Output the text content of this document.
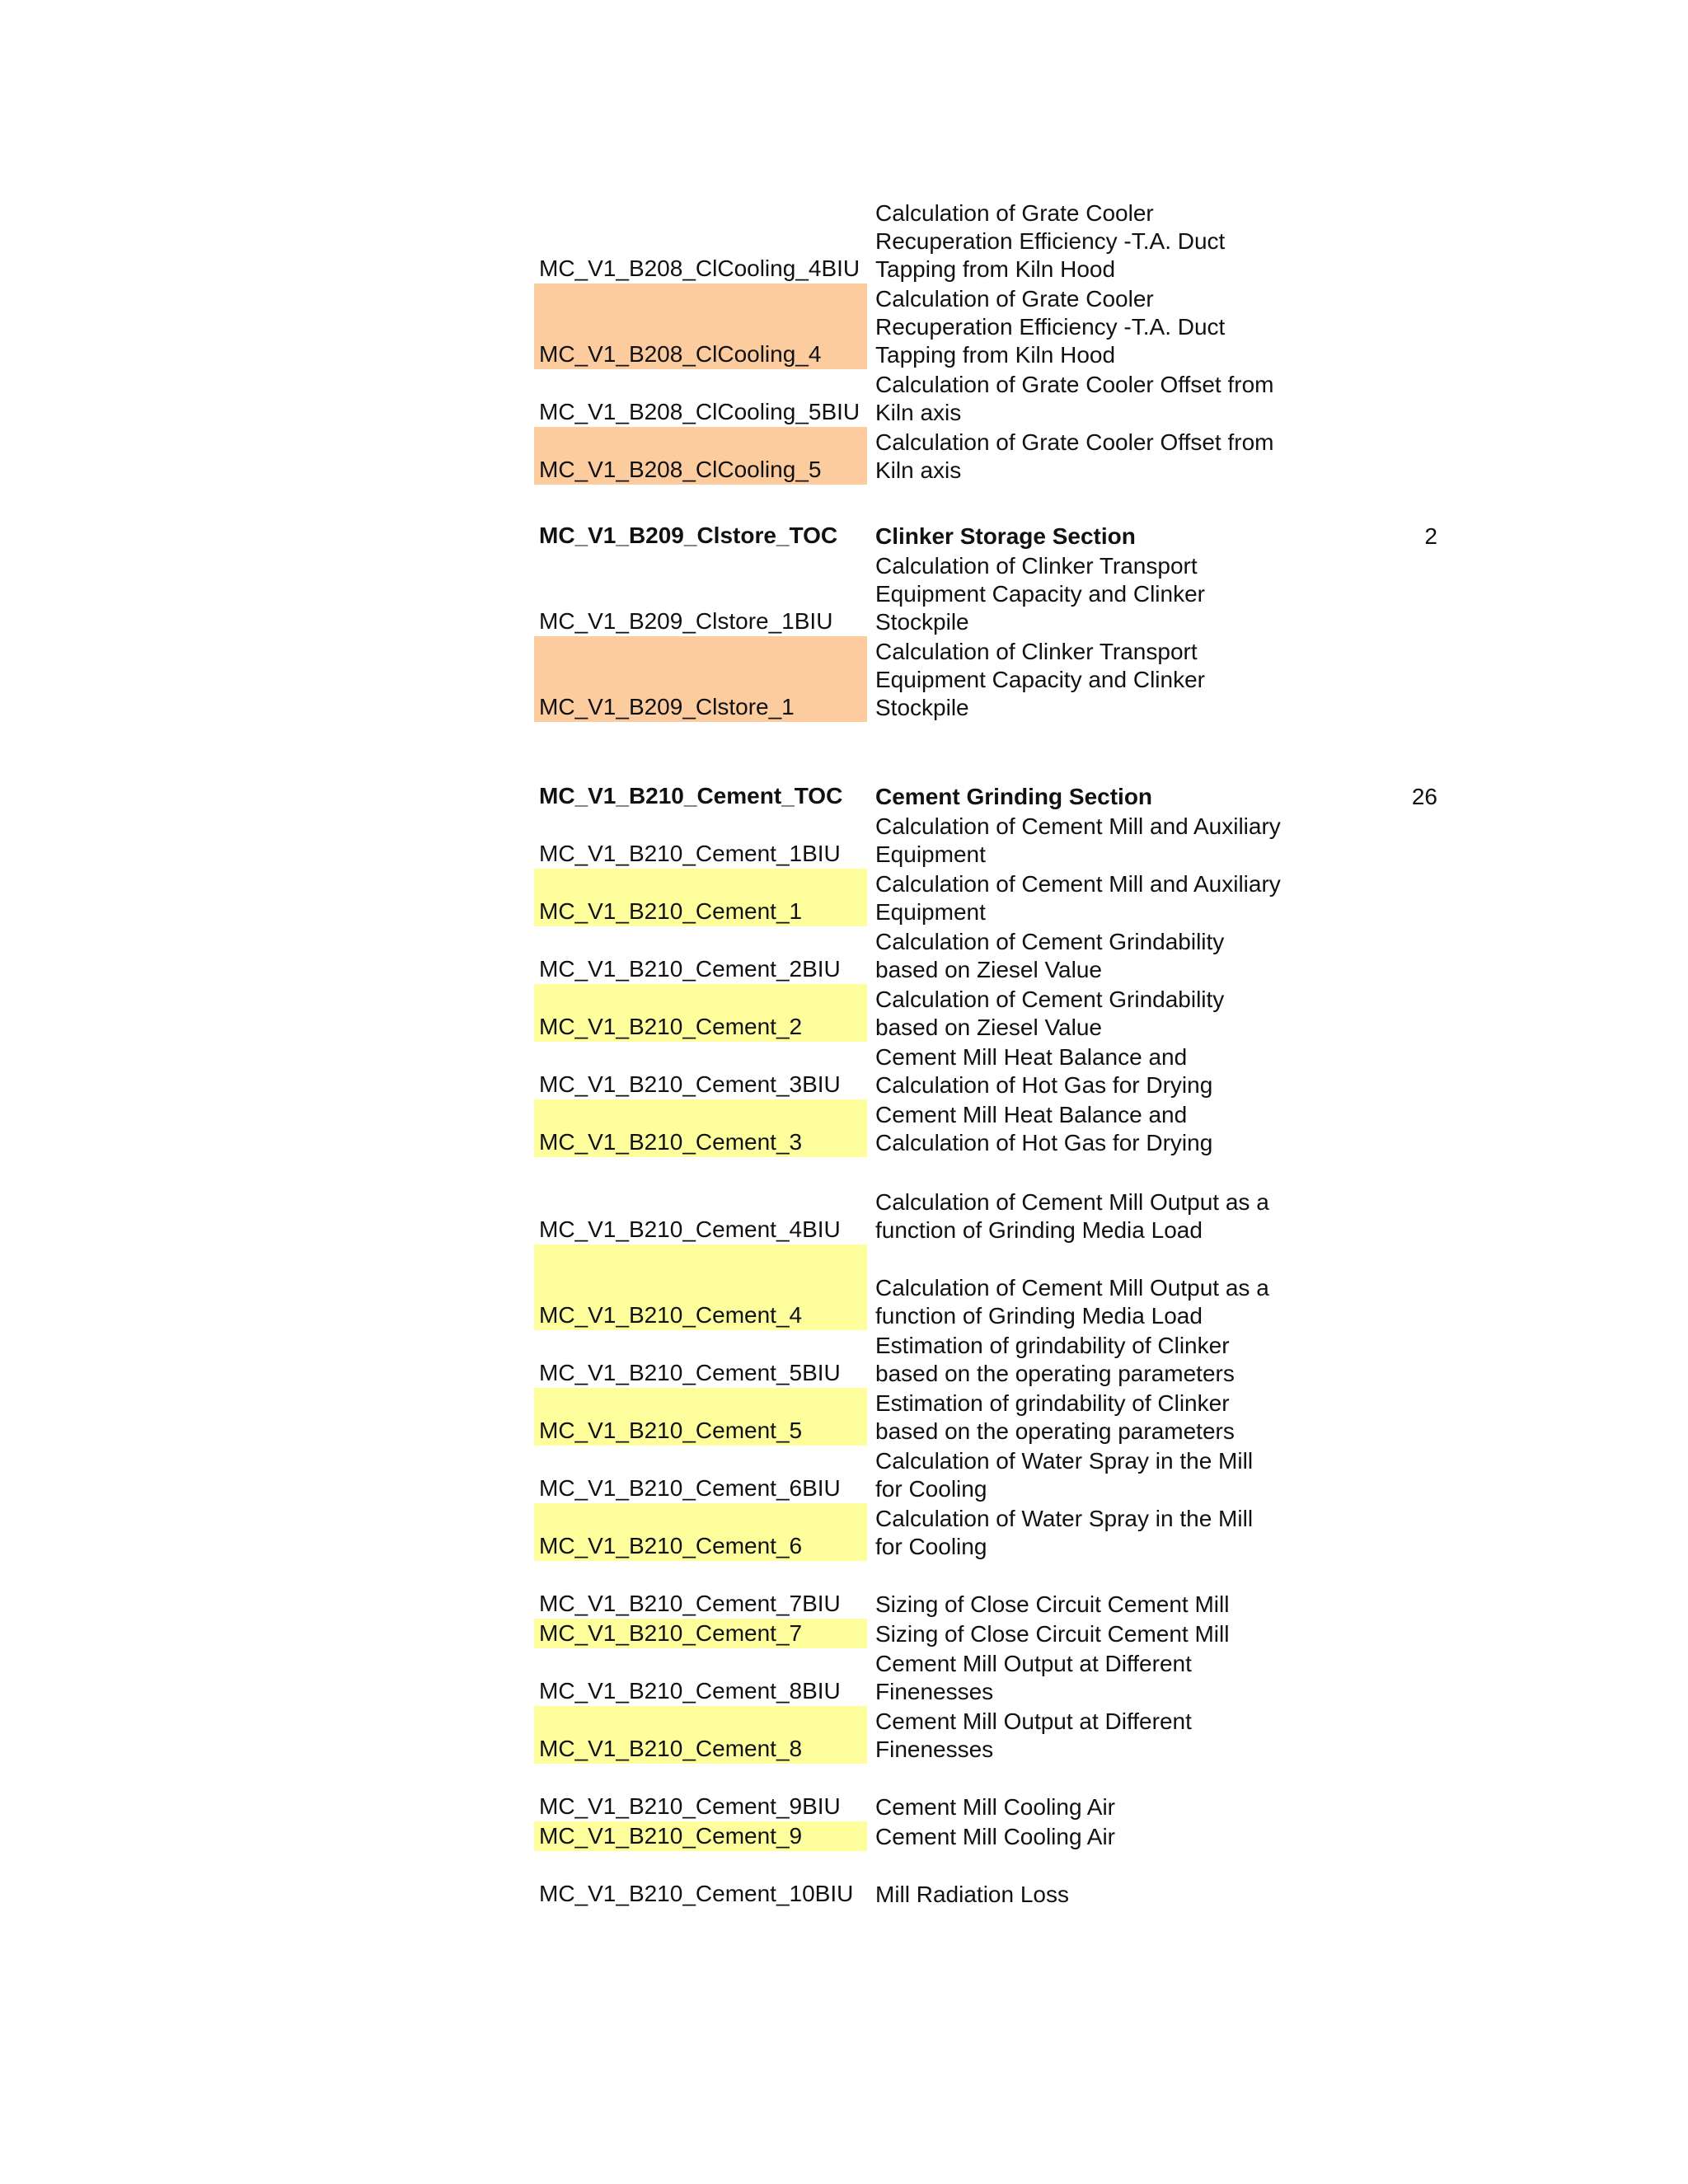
MC_V1_B208_ClCooling_4BIU
Calculation of Grate Cooler
Recuperation Efficiency -T.A. Duct
Tapping from Kiln Hood
MC_V1_B208_ClCooling_4
Calculation of Grate Cooler
Recuperation Efficiency -T.A. Duct
Tapping from Kiln Hood
MC_V1_B208_ClCooling_5BIU
Calculation of Grate Cooler Offset from
Kiln axis
MC_V1_B208_ClCooling_5
Calculation of Grate Cooler Offset from
Kiln axis
MC_V1_B209_Clstore_TOC Clinker Storage Section	2
MC_V1_B209_Clstore_1BIU
Calculation of Clinker Transport
Equipment Capacity and Clinker
Stockpile
MC_V1_B209_Clstore_1
Calculation of Clinker Transport
Equipment Capacity and Clinker
Stockpile
MC_V1_B210_Cement_TOC Cement Grinding Section	26
MC_V1_B210_Cement_1BIU
Calculation of Cement Mill and Auxiliary
Equipment
MC_V1_B210_Cement_1
Calculation of Cement Mill and Auxiliary
Equipment
MC_V1_B210_Cement_2BIU
Calculation of Cement Grindability
based on Ziesel Value
MC_V1_B210_Cement_2
Calculation of Cement Grindability
based on Ziesel Value
MC_V1_B210_Cement_3BIU
Cement Mill Heat Balance and
Calculation of Hot Gas for Drying
MC_V1_B210_Cement_3
Cement Mill Heat Balance and
Calculation of Hot Gas for Drying
MC_V1_B210_Cement_4BIU
Calculation of Cement Mill Output as a
function of Grinding Media Load
MC_V1_B210_Cement_4
Calculation of Cement Mill Output as a
function of Grinding Media Load
MC_V1_B210_Cement_5BIU
Estimation of grindability of Clinker
based on the operating parameters
MC_V1_B210_Cement_5
Estimation of grindability of Clinker
based on the operating parameters
MC_V1_B210_Cement_6BIU
Calculation of Water Spray in the Mill
for Cooling
MC_V1_B210_Cement_6
Calculation of Water Spray in the Mill
for Cooling
MC_V1_B210_Cement_7BIU Sizing of Close Circuit Cement Mill
MC_V1_B210_Cement_7	Sizing of Close Circuit Cement Mill
MC_V1_B210_Cement_8BIU
Cement Mill Output at Different
Finenesses
MC_V1_B210_Cement_8
Cement Mill Output at Different
Finenesses
MC_V1_B210_Cement_9BIU Cement Mill Cooling Air
MC_V1_B210_Cement_9	Cement Mill Cooling Air
MC_V1_B210_Cement_10BIU Mill Radiation Loss
